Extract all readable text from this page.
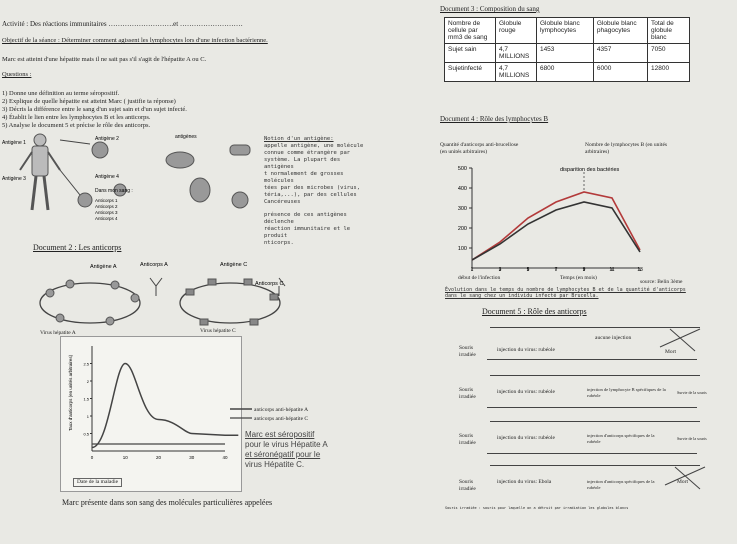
Activité : Des réactions immunitaires ……………………….et ………………………
Objectif de la séance : Déterminer comment agissent les lymphocytes lors d'une infection bactérienne.
Marc est atteint d'une hépatite mais il ne sait pas s'il s'agit de l'hépatite A ou C.
Questions :
1) Donne une définition au terme séropositif.
2) Explique de quelle hépatite est atteint Marc ( justifie ta réponse)
3) Décris la différence entre le sang d'un sujet sain et d'un sujet infecté.
4) Établit le lien entre les lymphocytes B et les anticorps.
5) Analyse le document 5 et précise le rôle des anticorps.
Document 3 : Composition du sang
Nombre de cellule par mm3 de sang	Globule rouge	Globule blanc lymphocytes	Globule blanc phagocytes	Total de globule blanc
Sujet sain	4,7 MILLIONS	1453	4357	7050
Sujetinfecté	4,7 MILLIONS	6800	6000	12800
Document 4 : Rôle des lymphocytes B
Antigène 1
Antigène 2
Antigène 3	Antigène 4
Dans mon sang :
Anticorps 1
Anticorps 2
Anticorps 3
Anticorps 4
antigènes	Notion d'un antigène:
appelle antigène, une molécule
connue comme étrangère par
système. La plupart des antigènes
t normalement de grosses molécules
tées par des microbes (virus,
téria,...), par des cellules Cancéreuses
présence de ces antigènes déclenche
réaction immunitaire et le produit
nticorps.
Document 2 : Les anticorps
Antigène A	Anticorps A	Antigène C
Anticorps C
Virus hépatite A	Virus hépatite C
Taux d'anticorps (en unités arbitraires)
0.5
1
1.5
2
2.5
0	10	20	30	40
anticorps anti-hépatite A
anticorps anti-hépatite C
Date de la maladie
Marc est séropositif
pour le virus Hépatite A
et séronégatif pour le
virus Hépatite C.
Marc présente dans son sang des molécules particulières appelées
Quantité d'anticorps anti-brucellose (en unités arbitraires)
Nombre de lymphocytes B (en unités arbitraires)
disparition des bactéries
100
200
300
400
500
1	3	5	7	9	11	13
début de l'infection	Temps (en mois)
source: Belin 3ème
Évolution dans le temps du nombre de lymphocytes B et de la quantité d'anticorps dans le sang chez un individu infecté par Brucella.
Document 5 : Rôle des anticorps
Souris irradiée
injection du virus: rubéole
aucune injection
Mort
Souris irradiée
injection du virus: rubéole	injection de lymphocyte B spécifiques de la rubéole	Survie de la souris
Souris irradiée
injection du virus: rubéole	injection d'anticorps spécifiques de la rubéole	Survie de la souris
Souris irradiée
injection du virus: Ebola	injection d'anticorps spécifiques de la rubéole
Mort
Souris irradiée : souris pour laquelle on a détruit par irradiation les globules blancs
